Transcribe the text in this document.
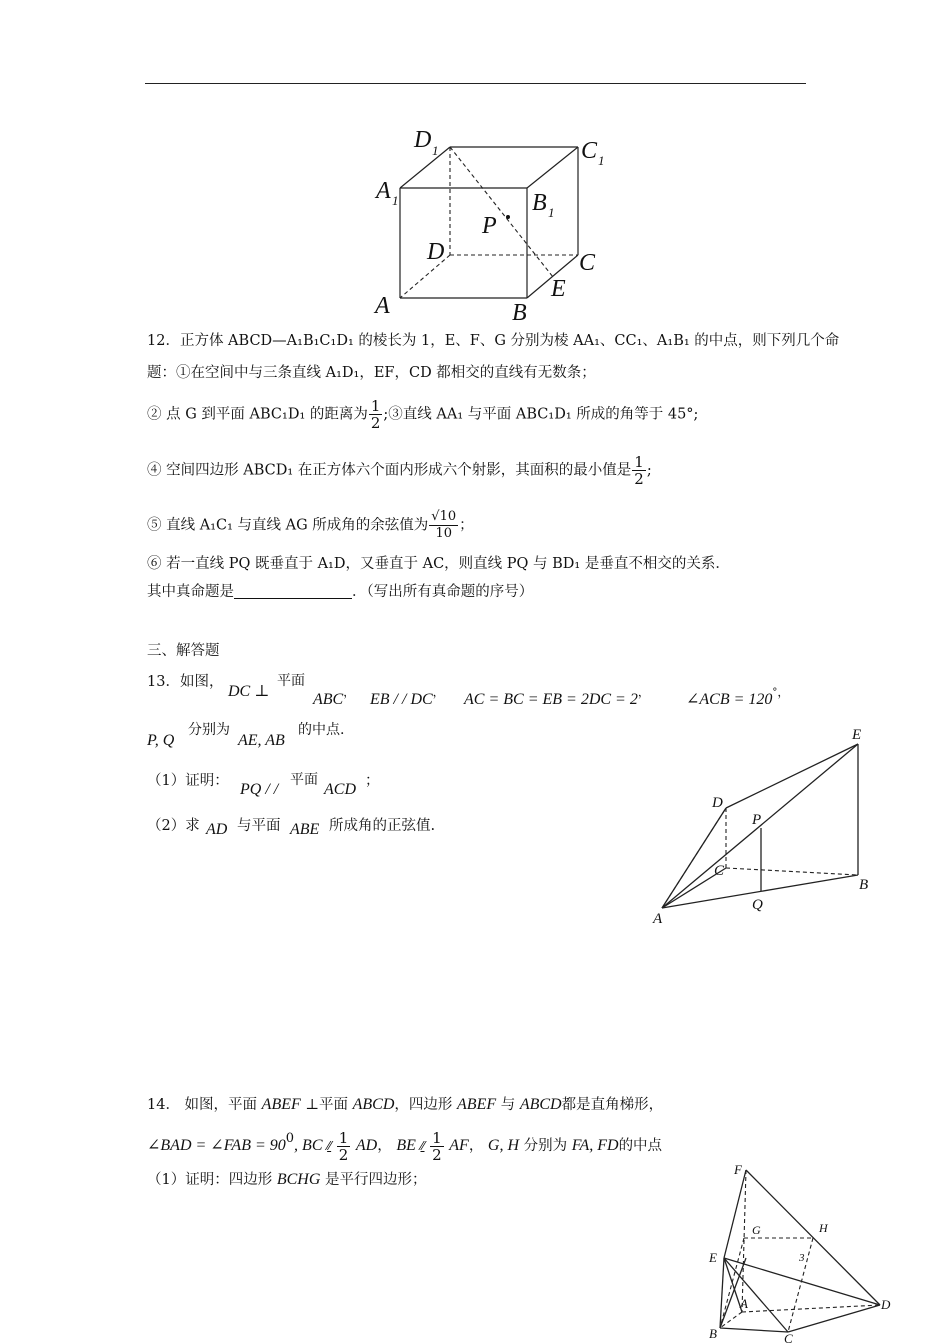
D 1	C 1
A 1	B 1
P
D	C
A	B
E
12．正方体 ABCD—A₁B₁C₁D₁ 的棱长为 1，E、F、G 分别为棱 AA₁、CC₁、A₁B₁ 的中点，则下列几个命
题：①在空间中与三条直线 A₁D₁，EF，CD 都相交的直线有无数条；
② 点 G 到平面 ABC₁D₁ 的距离为 $\frac{1}{2}$ ;③直线 AA₁ 与平面 ABC₁D₁ 所成的角等于 45°;
④ 空间四边形 ABCD₁ 在正方体六个面内形成六个射影，其面积的最小值是 $\frac{1}{2}$ ;
⑤ 直线 A₁C₁ 与直线 AG 所成角的余弦值为 $\frac{√10}{10}$ ；
⑥ 若一直线 PQ 既垂直于 A₁D，又垂直于 AC，则直线 PQ 与 BD₁ 是垂直不相交的关系．
其中真命题是	．（写出所有真命题的序号）
三、解答题
13．如图，
DC ⊥
平面
ABC， EB / / DC， AC = BC = EB = 2DC = 2， ∠ACB = 120°，
P, Q
分别为
AE, AB
的中点.
（1）证明： PQ / /
平面
ACD ；
（2）求 AD 与平面 ABE 所成角的正弦值.
E
D
P
C
B
A
Q
14． 如图，平面 ABEF ⊥平面 ABCD，四边形 ABEF 与 ABCD都是直角梯形，
∠BAD = ∠FAB = 900, BC ⁄⁄ $\frac{1}{2}$ AD， BE ⁄⁄ $\frac{1}{2}$ AF， G, H 分别为 FA, FD的中点
（1）证明：四边形 BCHG 是平行四边形；
F
G	H
3
E
A
B	C
D
